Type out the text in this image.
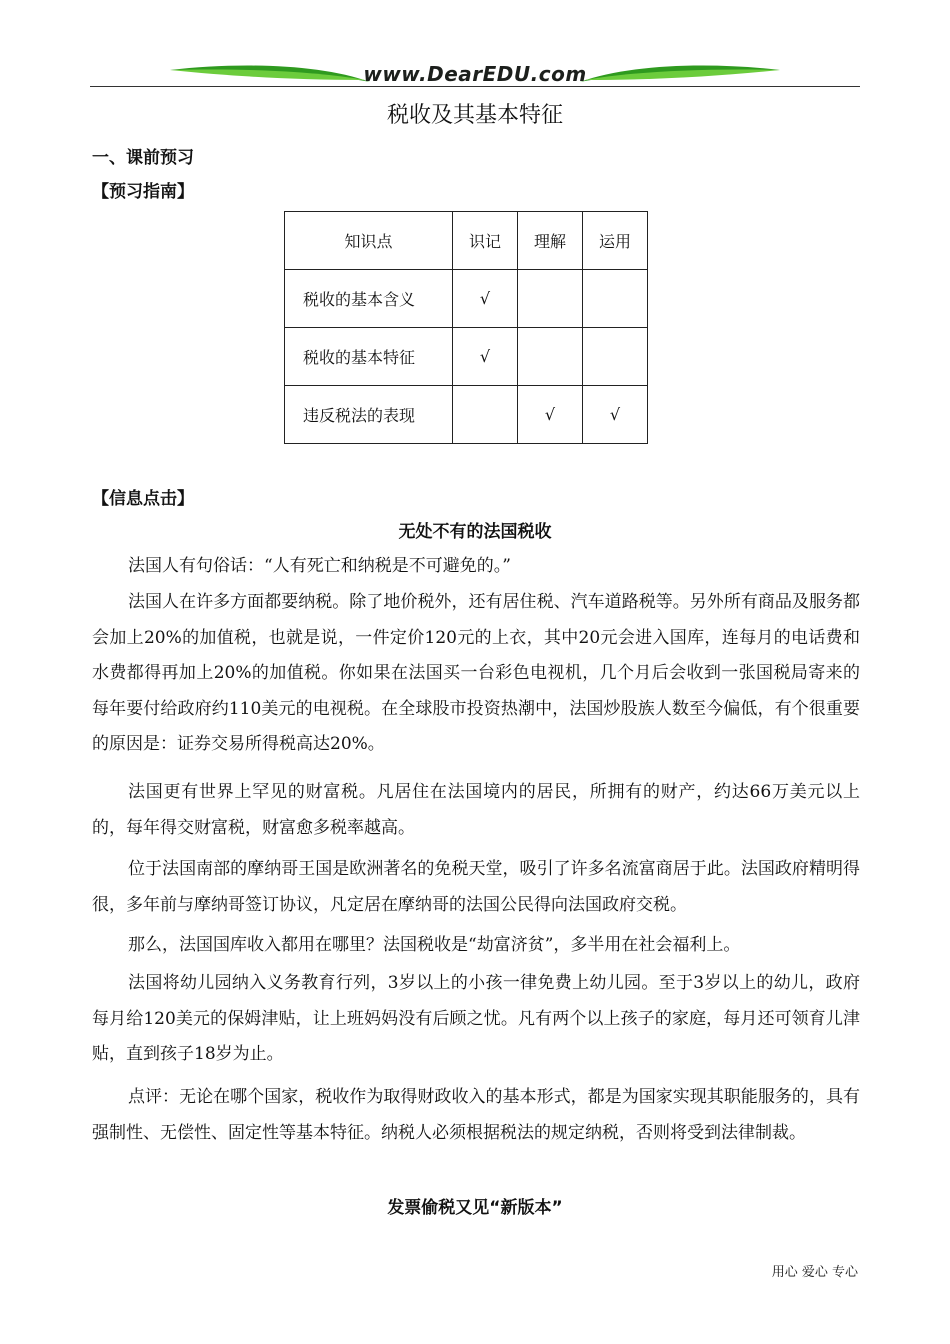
www.DearEDU.com
税收及其基本特征
一、课前预习
【预习指南】
知识点	识记	理解	运用
税收的基本含义	√		
税收的基本特征	√		
违反税法的表现		√	√
【信息点击】
无处不有的法国税收

法国人有句俗话：“人有死亡和纳税是不可避免的。”

法国人在许多方面都要纳税。除了地价税外，还有居住税、汽车道路税等。另外所有商品及服务都会加上20%的加值税，也就是说，一件定价120元的上衣，其中20元会进入国库，连每月的电话费和水费都得再加上20%的加值税。你如果在法国买一台彩色电视机，几个月后会收到一张国税局寄来的每年要付给政府约110美元的电视税。在全球股市投资热潮中，法国炒股族人数至今偏低，有个很重要的原因是：证券交易所得税高达20%。

法国更有世界上罕见的财富税。凡居住在法国境内的居民，所拥有的财产，约达66万美元以上的，每年得交财富税，财富愈多税率越高。

位于法国南部的摩纳哥王国是欧洲著名的免税天堂，吸引了许多名流富商居于此。法国政府精明得很，多年前与摩纳哥签订协议，凡定居在摩纳哥的法国公民得向法国政府交税。

那么，法国国库收入都用在哪里？法国税收是“劫富济贫”，多半用在社会福利上。

法国将幼儿园纳入义务教育行列，3岁以上的小孩一律免费上幼儿园。至于3岁以上的幼儿，政府每月给120美元的保姆津贴，让上班妈妈没有后顾之忧。凡有两个以上孩子的家庭，每月还可领育儿津贴，直到孩子18岁为止。

点评：无论在哪个国家，税收作为取得财政收入的基本形式，都是为国家实现其职能服务的，具有强制性、无偿性、固定性等基本特征。纳税人必须根据税法的规定纳税，否则将受到法律制裁。

发票偷税又见“新版本”
用心 爱心 专心
